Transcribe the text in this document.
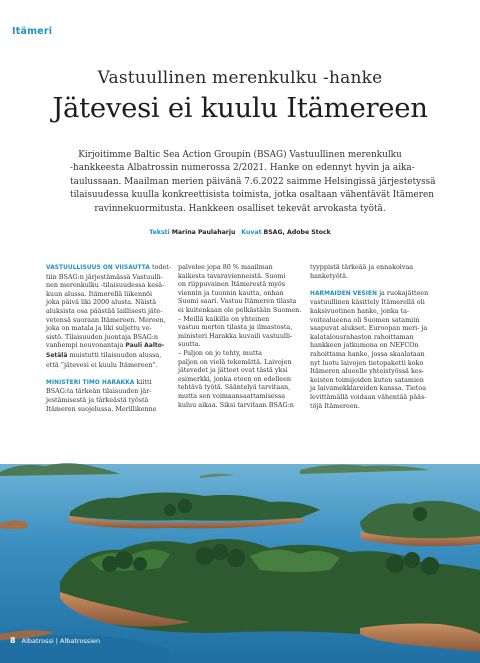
Itämeri
Vastuullinen merenkulku -hanke
Jätevesi ei kuulu Itämereen
Kirjoitimme Baltic Sea Action Groupin (BSAG) Vastuullinen merenkulku
-hankkeesta Albatrossin numerossa 2/2021. Hanke on edennyt hyvin ja aika-
taulussaan. Maailman merien päivänä 7.6.2022 saimme Helsingissä järjestetyssä
tilaisuudessa kuulla konkreettisista toimista, jotka osaltaan vähentävät Itämeren
ravinnekuormitusta. Hankkeen osalliset tekevät arvokasta työtä.
Teksti Marina Paulaharju Kuvat BSAG, Adobe Stock
VASTUULLISUUS ON VIISAUTTA todet-
tiin BSAG:n järjestämässä Vastuulli-
nen merenkulku -tilaisuudessa kesä-
kuun alussa. Itämerellä liikennöi
joka päivä liki 2000 alusta. Näistä
aluksista osa päästää laillisesti jäte-
vetensä suoraan Itämereen. Mereen,
joka on matala ja liki suljettu ve-
sistö. Tilaisuuden juontaja BSAG:n
vanhempi neuvonantaja Pauli Aalto-
Setälä muistutti tilaisuuden alussa,
että ”jätevesi ei kuulu Itämereen”.
MINISTERI TIMO HARAKKA kiitti
BSAG:ta tärkeän tilaisuuden jär-
jestämisestä ja tärkeästä työstä
Itämeren suojelussa. Merillikenne
palvelee jopa 80 % maailman
kaikesta tavaravienneistä. Suomi
on riippuvainen Itämerestä myös
viennin ja tuonnin kautta, onhan
Suomi saari. Vastuu Itämeren tilasta
ei kuitenkaan ole pelkästään Suomen.
– Meillä kaikilla on yhteinen
vastuu merten tilasta ja ilmastosta,
ministeri Harakka kuvaili vastuulli-
suutta.
– Paljon on jo tehty, mutta
paljon on vielä tekemättä. Laivojen
jätevedet ja jätteet ovat tästä yksi
esimerkki, jonka eteen on edelleen
tehtävä työtä. Sääntelyä tarvitaan,
mutta sen voimaansaattamisessa
kuluu aikaa. Siksi tarvitaan BSAG:n
tyyppistä tärkeää ja ennakoivaa
hanketyötä.
HARMAIDEN VESIEN ja ruokajätteen
vastuullinen käsittely Itämerellä oli
kaksivuotinen hanke, jonka ta-
voitealueena oli Suomen satamiin
saapuvat alukset. Euroopan meri- ja
kalatalousrahaston rahoittaman
hankkeen jatkumona on NEFCOn
rahoittama hanke, jossa skaalataan
nyt luotu laivojen tietopaketti koko
Itämeren alueelle yhteistyössä kes-
keisten toimijoiden kuten satamien
ja laivamekklareiden kanssa. Tietoa
levittämällä voidaan vähentää pääs-
töjä Itämereen.
8 Albatrossi | Albatrossien
